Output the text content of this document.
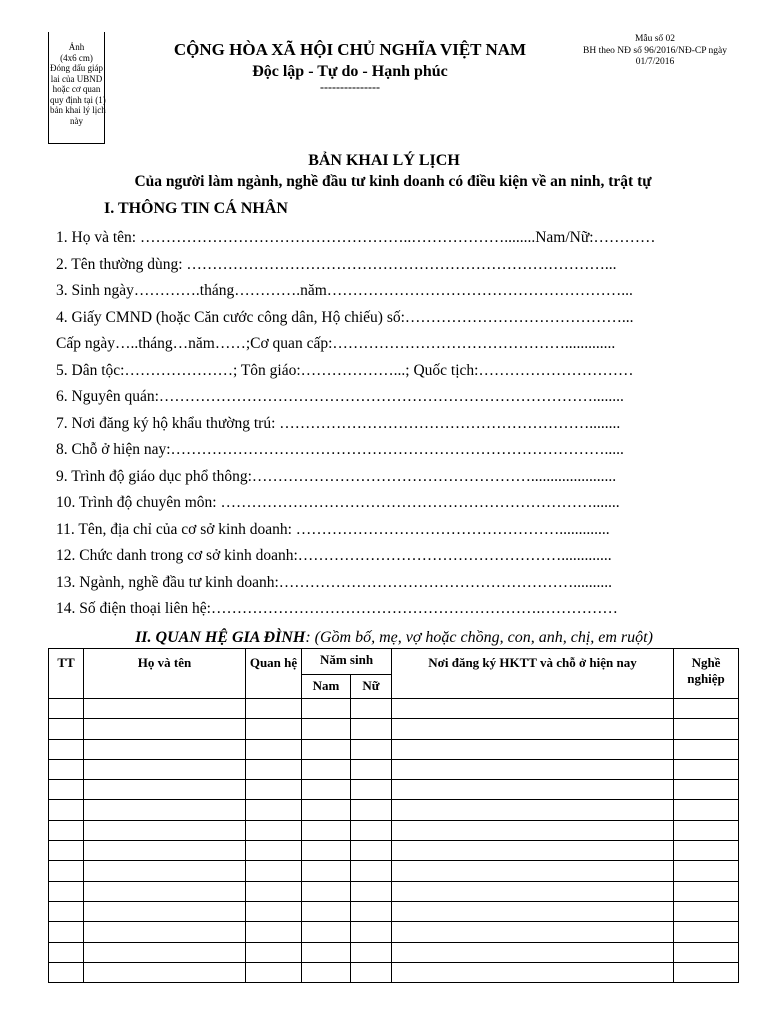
Ảnh
(4x6 cm)
Đóng dấu giáp
lai của UBND
hoặc cơ quan
quy định tại (1)
bản khai lý lịch
này
CỘNG HÒA XÃ HỘI CHỦ NGHĨA VIỆT NAM
Độc lập - Tự do - Hạnh phúc
---------------
Mẫu số 02
BH theo NĐ số 96/2016/NĐ-CP ngày
01/7/2016
BẢN KHAI LÝ LỊCH
Của người làm ngành, nghề đầu tư kinh doanh có điều kiện về an ninh, trật tự
I. THÔNG TIN CÁ NHÂN
1. Họ và tên: ……………………………………………..………………........Nam/Nữ:…………
2. Tên thường dùng: ………………………………………………………………………...
3. Sinh ngày………….tháng………….năm…………………………………………………...
4. Giấy CMND (hoặc Căn cước công dân, Hộ chiếu) số:……………………………………...
Cấp ngày…..tháng…năm……;Cơ quan cấp:……………………………………….............
5. Dân tộc:…………………; Tôn giáo:………………...; Quốc tịch:…………………………
6. Nguyên quán:…………………………………………………………………………........
7. Nơi đăng ký hộ khẩu thường trú: ……………………………………………………........
8. Chỗ ở hiện nay:………………………………………………………………………….....
9. Trình độ giáo dục phổ thông:………………………………………………......................
10. Trình độ chuyên môn: ……………………………………………………………….......
11. Tên, địa chỉ của cơ sở kinh doanh: …………………………………………….............
12. Chức danh trong cơ sở kinh doanh:…………………………………………….............
13. Ngành, nghề đầu tư kinh doanh:…………………………………………………..........
14. Số điện thoại liên hệ:……………………………………………………….……………
II. QUAN HỆ GIA ĐÌNH: (Gồm bố, mẹ, vợ hoặc chồng, con, anh, chị, em ruột)
TT	Họ và tên	Quan hệ	Năm sinh		Nơi đăng ký HKTT và chỗ ở hiện nay	Nghề nghiệp
			Nam	Nữ		
